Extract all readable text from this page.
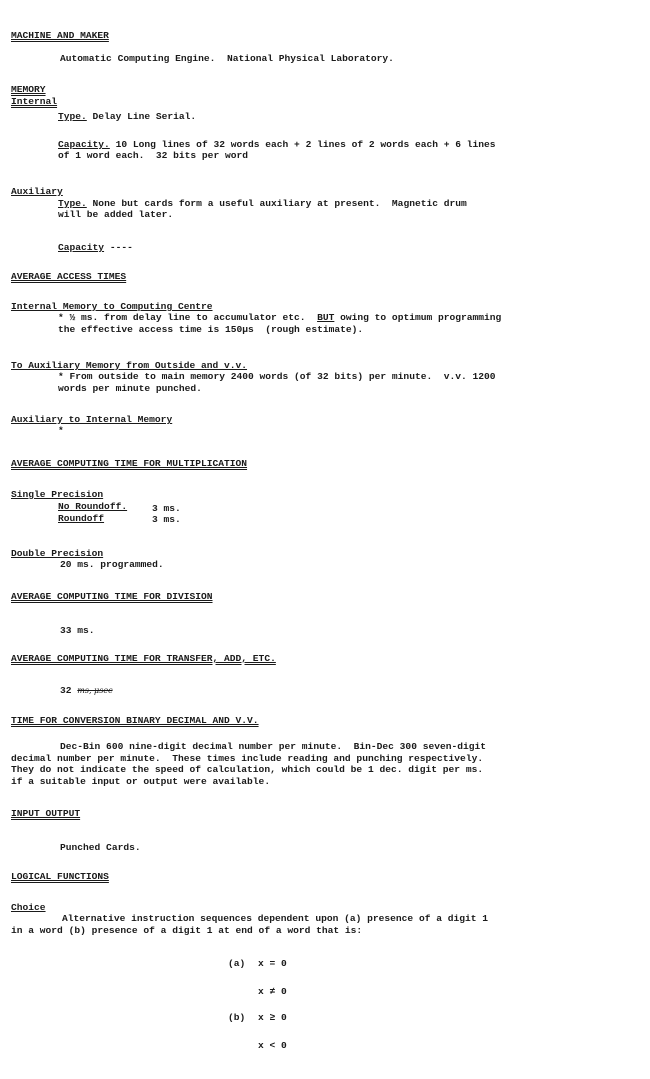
MACHINE AND MAKER
Automatic Computing Engine.  National Physical Laboratory.
MEMORY
Internal
Type. Delay Line Serial.
Capacity. 10 Long lines of 32 words each + 2 lines of 2 words each + 6 lines
of 1 word each.  32 bits per word
Auxiliary
Type. None but cards form a useful auxiliary at present.  Magnetic drum
will be added later.
Capacity ----
AVERAGE ACCESS TIMES
Internal Memory to Computing Centre
* ½ ms. from delay line to accumulator etc.  BUT owing to optimum programming
the effective access time is 150μs  (rough estimate).
To Auxiliary Memory from Outside and v.v.
* From outside to main memory 2400 words (of 32 bits) per minute.  v.v. 1200
words per minute punched.
Auxiliary to Internal Memory
*
AVERAGE COMPUTING TIME FOR MULTIPLICATION
Single Precision
No Roundoff.	3 ms.
Roundoff	3 ms.
Double Precision
20 ms. programmed.
AVERAGE COMPUTING TIME FOR DIVISION
33 ms.
AVERAGE COMPUTING TIME FOR TRANSFER, ADD, ETC.
32 ms, μsec
TIME FOR CONVERSION BINARY DECIMAL AND V.V.
Dec-Bin 600 nine-digit decimal number per minute.  Bin-Dec 300 seven-digit
decimal number per minute.  These times include reading and punching respectively.
They do not indicate the speed of calculation, which could be 1 dec. digit per ms.
if a suitable input or output were available.
INPUT OUTPUT
Punched Cards.
LOGICAL FUNCTIONS
Choice
Alternative instruction sequences dependent upon (a) presence of a digit 1
in a word (b) presence of a digit 1 at end of a word that is:
(a) x = 0
x ≠ 0
(b) x ≥ 0
x < 0
